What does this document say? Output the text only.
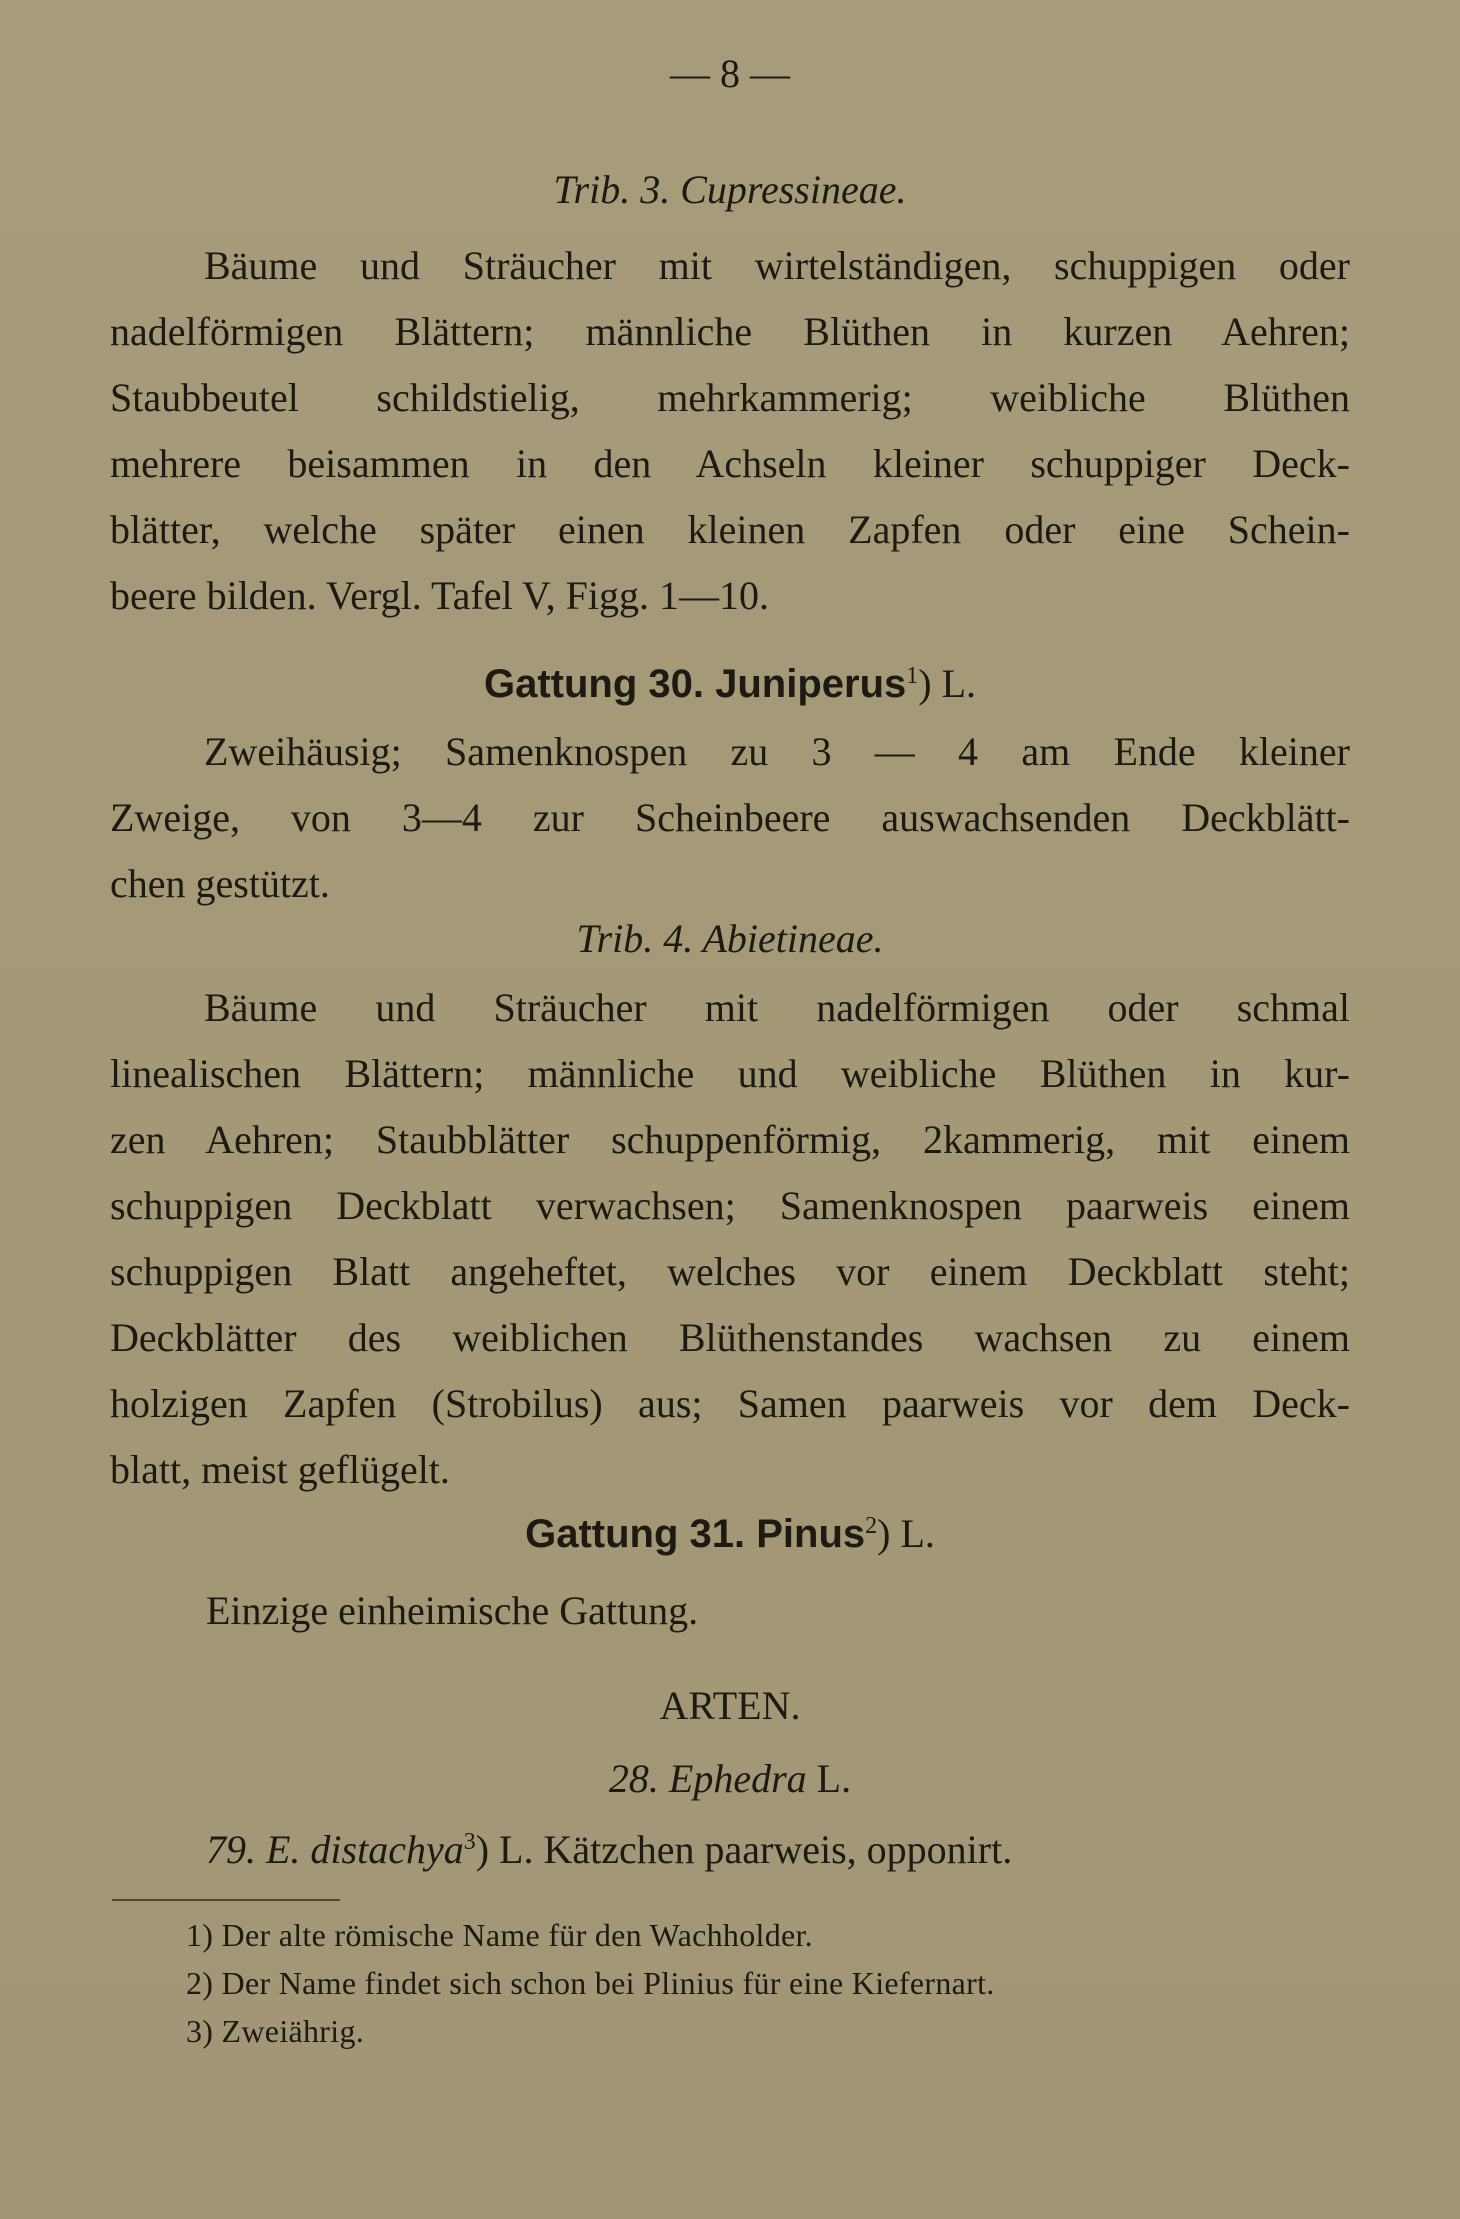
— 8 —
Trib. 3. Cupressineae.
Bäume und Sträucher mit wirtelständigen, schuppigen oder
nadelförmigen Blättern; männliche Blüthen in kurzen Aehren;
Staubbeutel schildstielig, mehrkammerig; weibliche Blüthen
mehrere beisammen in den Achseln kleiner schuppiger Deck-
blätter, welche später einen kleinen Zapfen oder eine Schein-
beere bilden. Vergl. Tafel V, Figg. 1—10.
Gattung 30. Juniperus$^1$) L.
Zweihäusig; Samenknospen zu 3 — 4 am Ende kleiner
Zweige, von 3—4 zur Scheinbeere auswachsenden Deckblätt-
chen gestützt.
Trib. 4. Abietineae.
Bäume und Sträucher mit nadelförmigen oder schmal
linealischen Blättern; männliche und weibliche Blüthen in kur-
zen Aehren; Staubblätter schuppenförmig, 2kammerig, mit einem
schuppigen Deckblatt verwachsen; Samenknospen paarweis einem
schuppigen Blatt angeheftet, welches vor einem Deckblatt steht;
Deckblätter des weiblichen Blüthenstandes wachsen zu einem
holzigen Zapfen (Strobilus) aus; Samen paarweis vor dem Deck-
blatt, meist geflügelt.
Gattung 31. Pinus$^2$) L.
Einzige einheimische Gattung.
ARTEN.
28. Ephedra L.
79. E. distachya$^3$) L. Kätzchen paarweis, opponirt.
1) Der alte römische Name für den Wachholder.
2) Der Name findet sich schon bei Plinius für eine Kiefernart.
3) Zweiährig.
